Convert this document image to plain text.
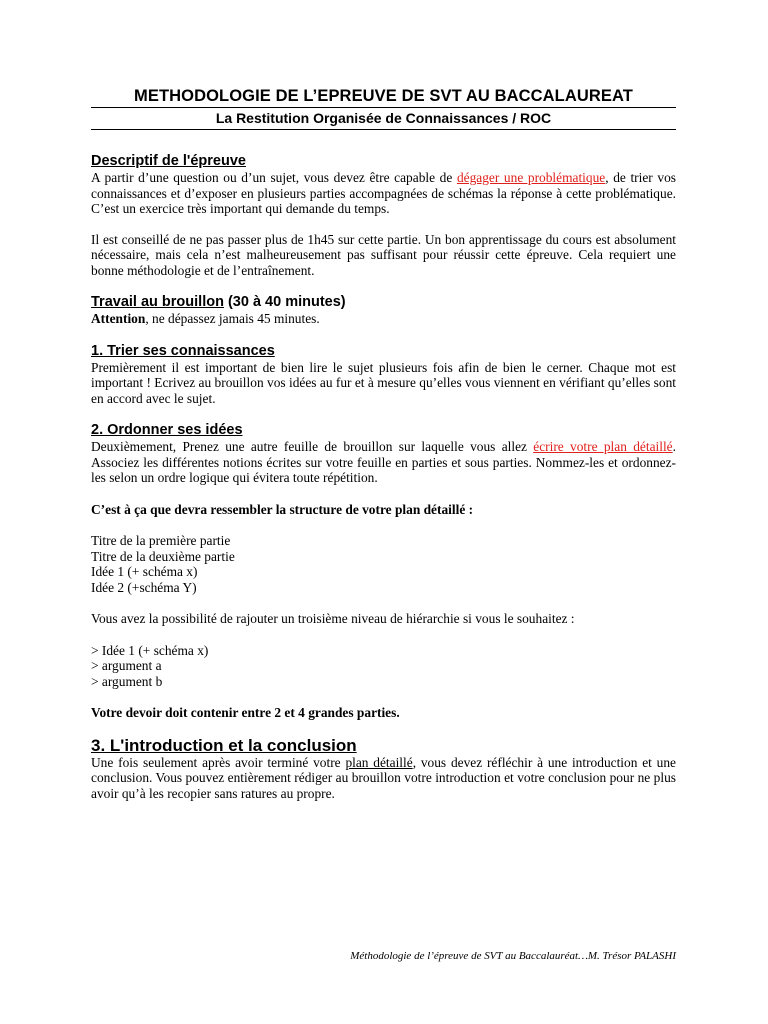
METHODOLOGIE DE L’EPREUVE DE SVT AU BACCALAUREAT
La Restitution Organisée de Connaissances / ROC
Descriptif de l'épreuve

A partir d’une question ou d’un sujet, vous devez être capable de dégager une problématique, de trier vos connaissances et d’exposer en plusieurs parties accompagnées de schémas la réponse à cette problématique. C’est un exercice très important qui demande du temps.

Il est conseillé de ne pas passer plus de 1h45 sur cette partie. Un bon apprentissage du cours est absolument nécessaire, mais cela n’est malheureusement pas suffisant pour réussir cette épreuve. Cela requiert une bonne méthodologie et de l’entraînement.

Travail au brouillon (30 à 40 minutes)

Attention, ne dépassez jamais 45 minutes.

1. Trier ses connaissances

Premièrement il est important de bien lire le sujet plusieurs fois afin de bien le cerner. Chaque mot est important ! Ecrivez au brouillon vos idées au fur et à mesure qu’elles vous viennent en vérifiant qu’elles sont en accord avec le sujet.

2. Ordonner ses idées

Deuxièmement, Prenez une autre feuille de brouillon sur laquelle vous allez écrire votre plan détaillé. Associez les différentes notions écrites sur votre feuille en parties et sous parties. Nommez-les et ordonnez-les selon un ordre logique qui évitera toute répétition.

C’est à ça que devra ressembler la structure de votre plan détaillé :

Titre de la première partie

Titre de la deuxième partie

Idée 1 (+ schéma x)

Idée 2 (+schéma Y)

Vous avez la possibilité de rajouter un troisième niveau de hiérarchie si vous le souhaitez :

> Idée 1 (+ schéma x)

> argument a

> argument b

Votre devoir doit contenir entre 2 et 4 grandes parties.

3. L'introduction et la conclusion

Une fois seulement après avoir terminé votre plan détaillé, vous devez réfléchir à une introduction et une conclusion. Vous pouvez entièrement rédiger au brouillon votre introduction et votre conclusion pour ne plus avoir qu’à les recopier sans ratures au propre.

Méthodologie de l’épreuve de SVT au Baccalauréat…M. Trésor PALASHI
